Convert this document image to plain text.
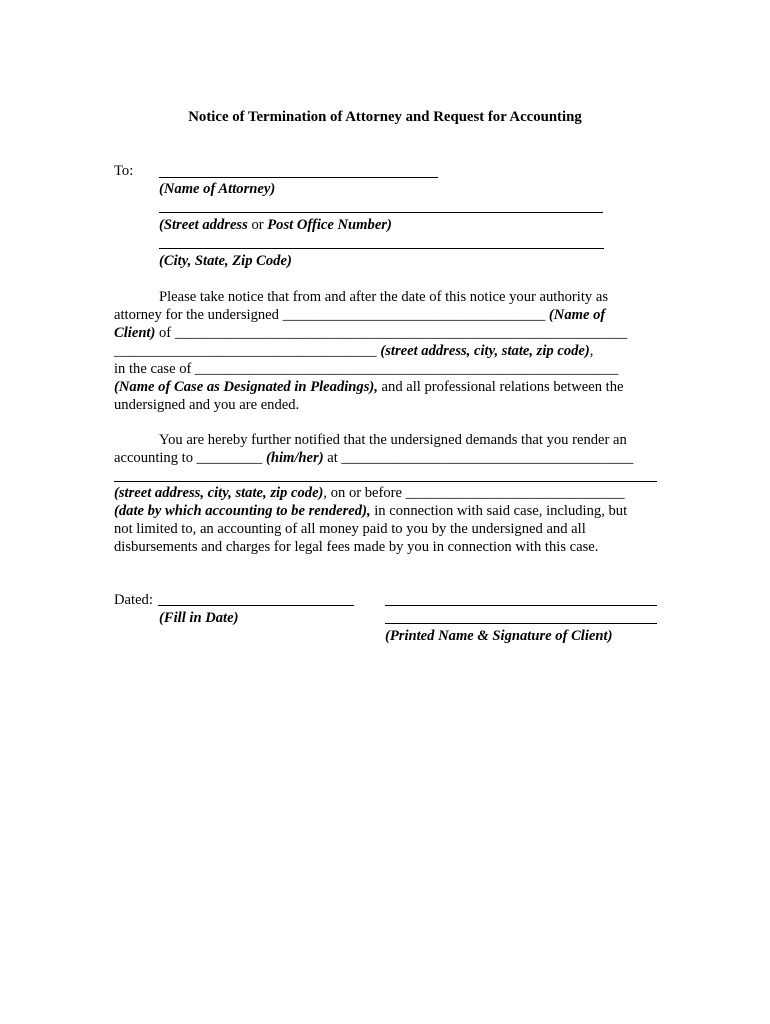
Notice of Termination of Attorney and Request for Accounting
To:
(Name of Attorney)
(Street address or Post Office Number)
(City, State, Zip Code)
Please take notice that from and after the date of this notice your authority as
attorney for the undersigned ____________________________________ (Name of
Client) of ______________________________________________________________
____________________________________ (street address, city, state, zip code),
in the case of __________________________________________________________
(Name of Case as Designated in Pleadings), and all professional relations between the
undersigned and you are ended.
You are hereby further notified that the undersigned demands that you render an
accounting to _________ (him/her) at ________________________________________
(street address, city, state, zip code), on or before ______________________________
(date by which accounting to be rendered), in connection with said case, including, but
not limited to, an accounting of all money paid to you by the undersigned and all
disbursements and charges for legal fees made by you in connection with this case.
Dated:
(Fill in Date)
(Printed Name & Signature of Client)
